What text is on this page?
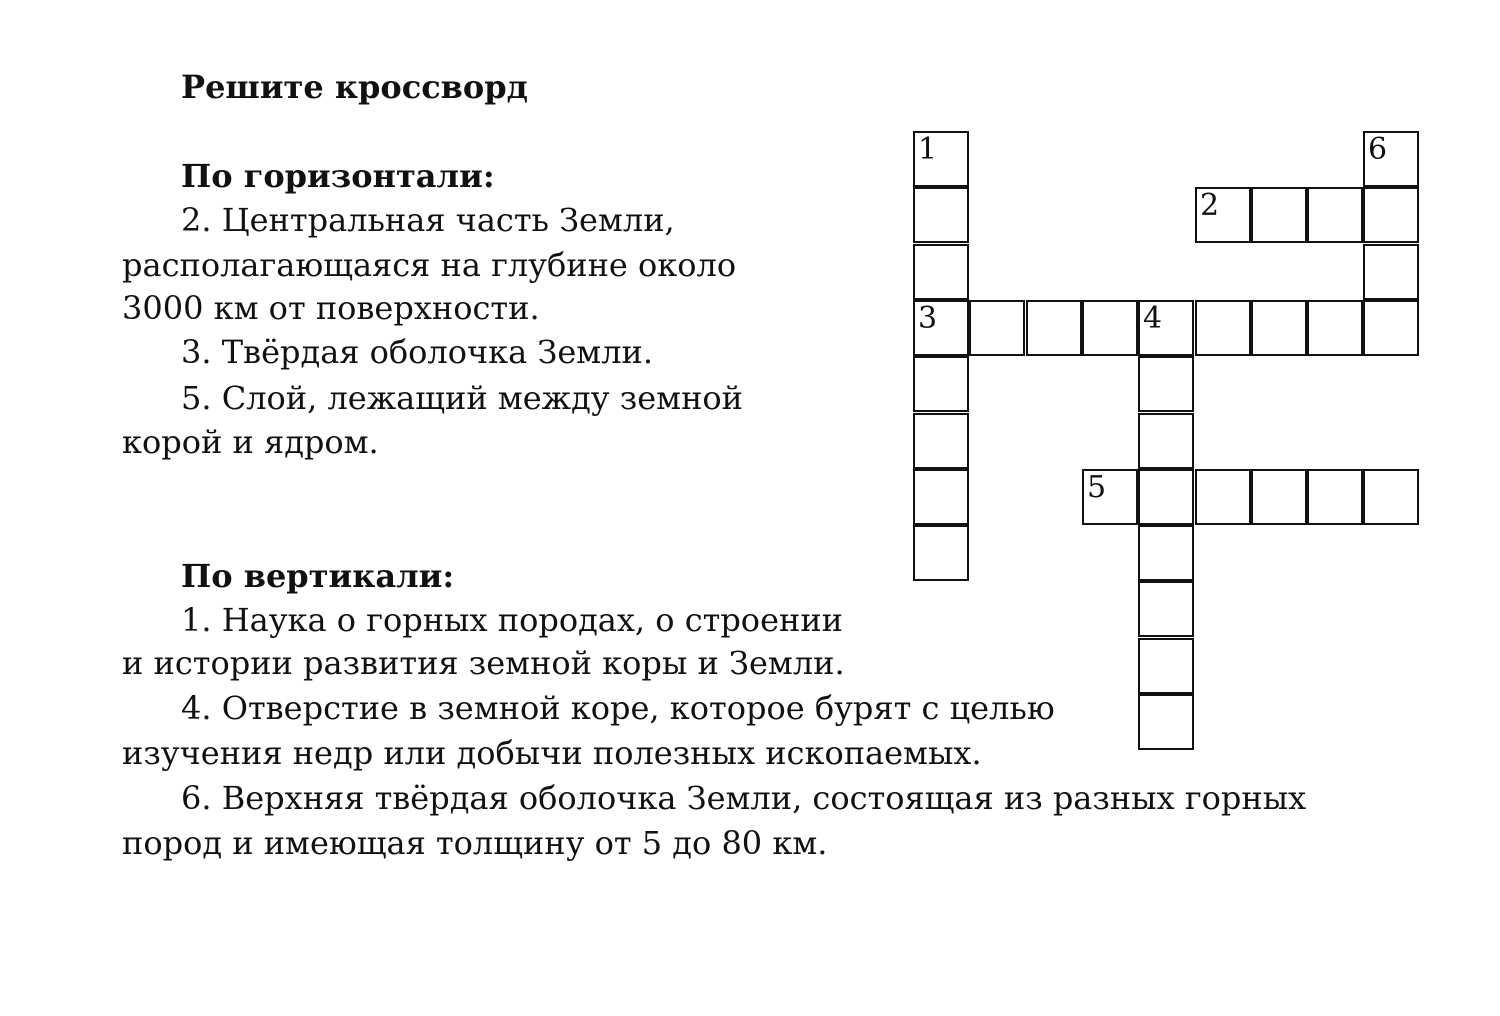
Решите кроссворд
По горизонтали:
2. Центральная часть Земли,
располагающаяся на глубине около
3000 км от поверхности.
3. Твёрдая оболочка Земли.
5. Слой, лежащий между земной
корой и ядром.
По вертикали:
1. Наука о горных породах, о строении
и истории развития земной коры и Земли.
4. Отверстие в земной коре, которое бурят с целью
изучения недр или добычи полезных ископаемых.
6. Верхняя твёрдая оболочка Земли, состоящая из разных горных
пород и имеющая толщину от 5 до 80 км.
1	6
2
3	4
5
